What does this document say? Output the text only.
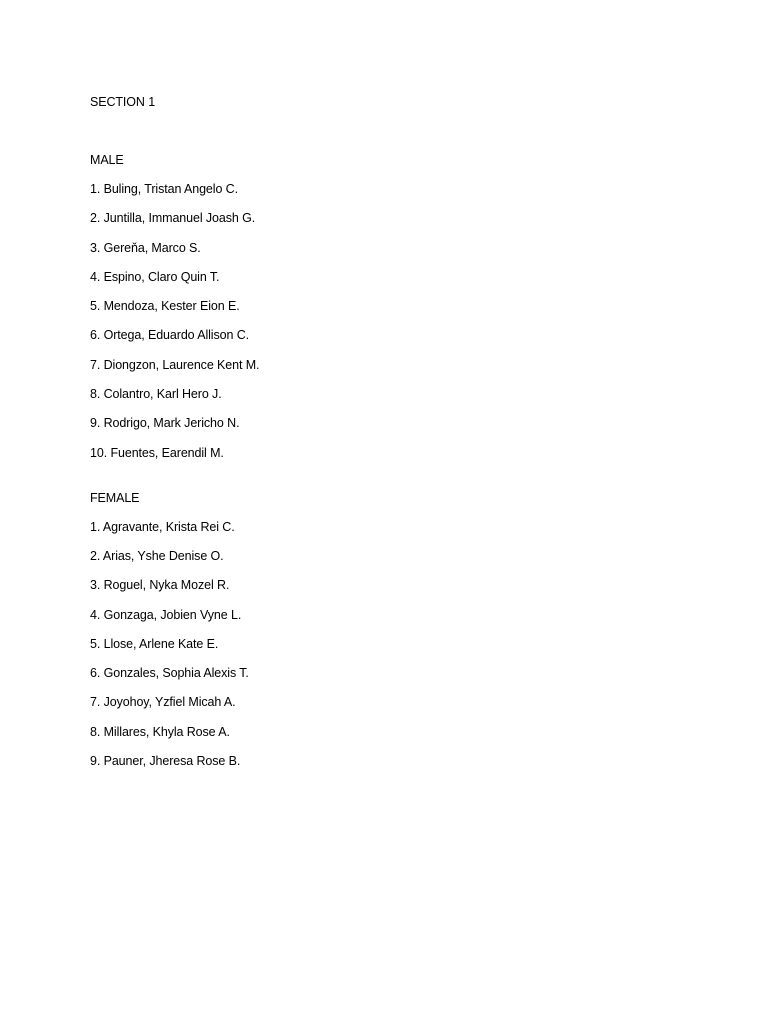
SECTION 1
MALE
1. Buling, Tristan Angelo C.
2. Juntilla, Immanuel Joash G.
3. Gereňa, Marco S.
4. Espino, Claro Quin T.
5. Mendoza, Kester Eion E.
6. Ortega, Eduardo Allison C.
7. Diongzon, Laurence Kent M.
8. Colantro, Karl Hero J.
9. Rodrigo, Mark Jericho N.
10. Fuentes, Earendil M.
FEMALE
1. Agravante, Krista Rei C.
2. Arias, Yshe Denise O.
3. Roguel, Nyka Mozel R.
4. Gonzaga, Jobien Vyne L.
5. Llose, Arlene Kate E.
6. Gonzales, Sophia Alexis T.
7. Joyohoy, Yzfiel Micah A.
8. Millares, Khyla Rose A.
9. Pauner, Jheresa Rose B.
